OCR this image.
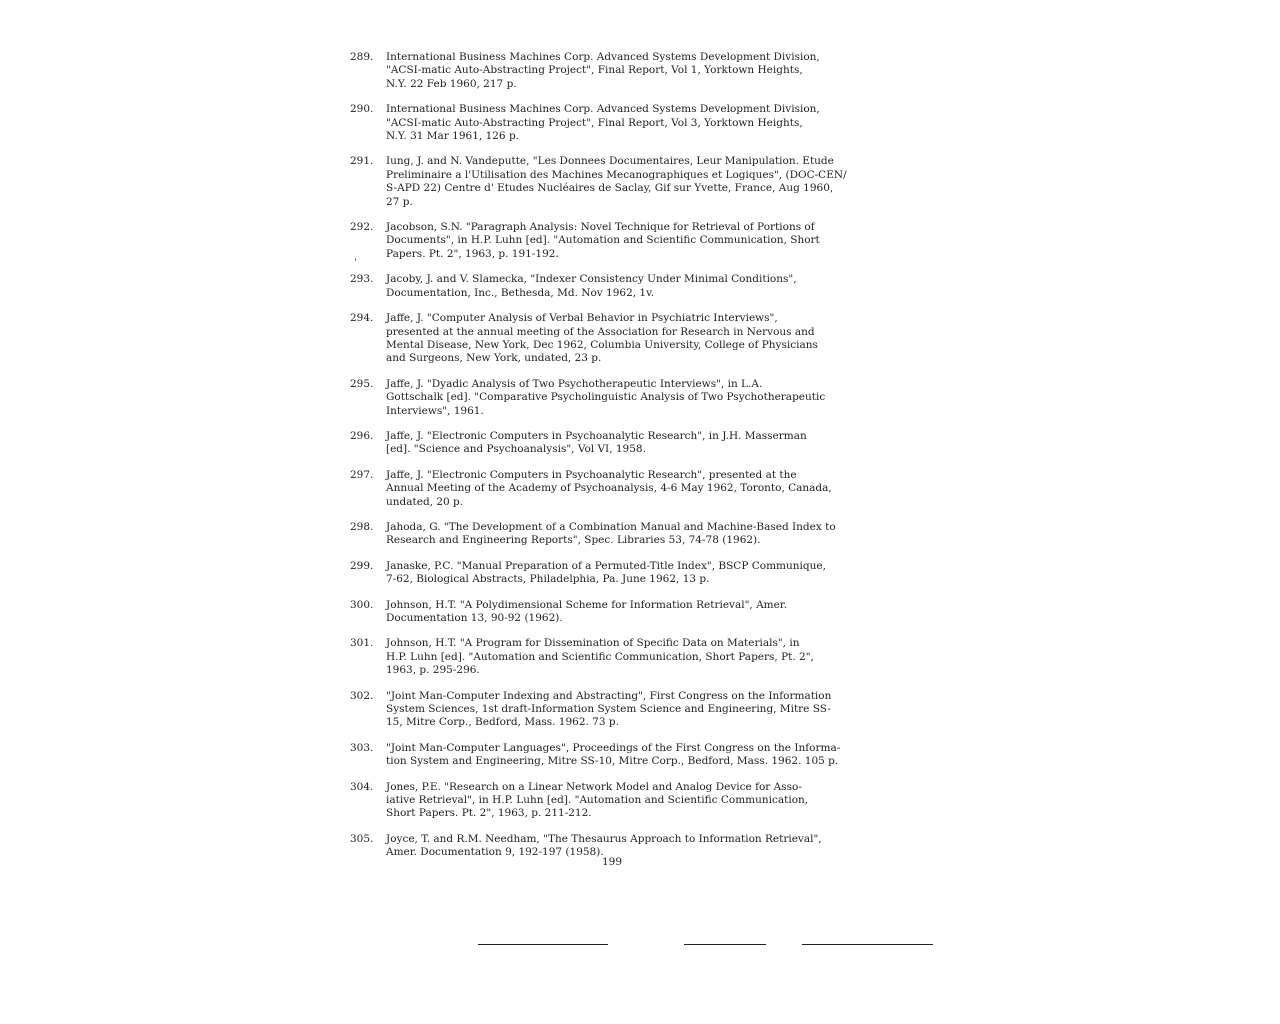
289. International Business Machines Corp. Advanced Systems Development Division,
"ACSI-matic Auto-Abstracting Project", Final Report, Vol 1, Yorktown Heights,
N.Y. 22 Feb 1960, 217 p.
290. International Business Machines Corp. Advanced Systems Development Division,
"ACSI-matic Auto-Abstracting Project", Final Report, Vol 3, Yorktown Heights,
N.Y. 31 Mar 1961, 126 p.
291. Iung, J. and N. Vandeputte, "Les Donnees Documentaires, Leur Manipulation. Etude
Preliminaire a l'Utilisation des Machines Mecanographiques et Logiques", (DOC-CEN/
S-APD 22) Centre d' Etudes Nucléaires de Saclay, Gif sur Yvette, France, Aug 1960,
27 p.
292. Jacobson, S.N. "Paragraph Analysis: Novel Technique for Retrieval of Portions of
Documents", in H.P. Luhn [ed]. "Automation and Scientific Communication, Short
Papers. Pt. 2", 1963, p. 191-192.
293. Jacoby, J. and V. Slamecka, "Indexer Consistency Under Minimal Conditions",
Documentation, Inc., Bethesda, Md. Nov 1962, 1v.
294. Jaffe, J. "Computer Analysis of Verbal Behavior in Psychiatric Interviews",
presented at the annual meeting of the Association for Research in Nervous and
Mental Disease, New York, Dec 1962, Columbia University, College of Physicians
and Surgeons, New York, undated, 23 p.
295. Jaffe, J. "Dyadic Analysis of Two Psychotherapeutic Interviews", in L.A.
Gottschalk [ed]. "Comparative Psycholinguistic Analysis of Two Psychotherapeutic
Interviews", 1961.
296. Jaffe, J. "Electronic Computers in Psychoanalytic Research", in J.H. Masserman
[ed]. "Science and Psychoanalysis", Vol VI, 1958.
297. Jaffe, J. "Electronic Computers in Psychoanalytic Research", presented at the
Annual Meeting of the Academy of Psychoanalysis, 4-6 May 1962, Toronto, Canada,
undated, 20 p.
298. Jahoda, G. "The Development of a Combination Manual and Machine-Based Index to
Research and Engineering Reports", Spec. Libraries 53, 74-78 (1962).
299. Janaske, P.C. "Manual Preparation of a Permuted-Title Index", BSCP Communique,
7-62, Biological Abstracts, Philadelphia, Pa. June 1962, 13 p.
300. Johnson, H.T. "A Polydimensional Scheme for Information Retrieval", Amer.
Documentation 13, 90-92 (1962).
301. Johnson, H.T. "A Program for Dissemination of Specific Data on Materials", in
H.P. Luhn [ed]. "Automation and Scientific Communication, Short Papers, Pt. 2",
1963, p. 295-296.
302. "Joint Man-Computer Indexing and Abstracting", First Congress on the Information
System Sciences, 1st draft-Information System Science and Engineering, Mitre SS-
15, Mitre Corp., Bedford, Mass. 1962. 73 p.
303. "Joint Man-Computer Languages", Proceedings of the First Congress on the Informa-
tion System and Engineering, Mitre SS-10, Mitre Corp., Bedford, Mass. 1962. 105 p.
304. Jones, P.E. "Research on a Linear Network Model and Analog Device for Asso-
iative Retrieval", in H.P. Luhn [ed]. "Automation and Scientific Communication,
Short Papers. Pt. 2", 1963, p. 211-212.
305. Joyce, T. and R.M. Needham, "The Thesaurus Approach to Information Retrieval",
Amer. Documentation 9, 192-197 (1958).
199
